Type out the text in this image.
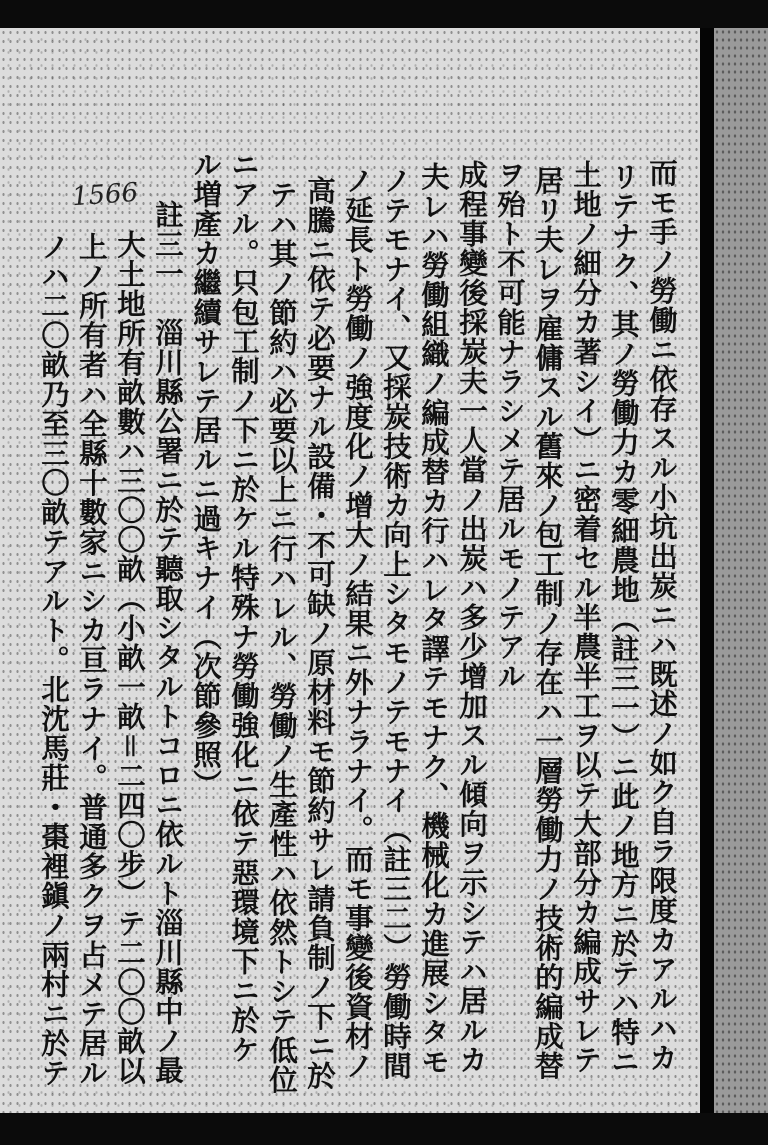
1566	而モ手ノ勞働ニ依存スル小坑出炭ニハ既述ノ如ク自ラ限度カアルハカ
リテナク、其ノ勞働力カ零細農地（註三一）ニ此ノ地方ニ於テハ特ニ
土地ノ細分カ著シイ）ニ密着セル半農半工ヲ以テ大部分カ編成サレテ
居リ夫レヲ雇傭スル舊來ノ包工制ノ存在ハ一層勞働力ノ技術的編成替
ヲ殆ト不可能ナラシメテ居ルモノテアル
成程事變後採炭夫一人當ノ出炭ハ多少增加スル傾向ヲ示シテハ居ルカ
夫レハ勞働組織ノ編成替カ行ハレタ譯テモナク、機械化カ進展シタモ
ノテモナイ、又採炭技術カ向上シタモノテモナイ（註三二）勞働時間
ノ延長ト勞働ノ強度化ノ增大ノ結果ニ外ナラナイ。而モ事變後資材ノ
高騰ニ依テ必要ナル設備・不可缺ノ原材料モ節約サレ請負制ノ下ニ於
テハ其ノ節約ハ必要以上ニ行ハレル、勞働ノ生產性ハ依然トシテ低位
ニアル。只包工制ノ下ニ於ケル特殊ナ勞働強化ニ依テ惡環境下ニ於ケ
ル増產カ繼續サレテ居ルニ過キナイ（次節參照）
註三一　淄川縣公署ニ於テ聽取シタルトコロニ依ルト淄川縣中ノ最
大土地所有畝數ハ三〇〇畝（小畝一畝＝二四〇步）テ二〇〇畝以
上ノ所有者ハ全縣十數家ニシカ亘ラナイ。普通多クヲ占メテ居ル
ノハ二〇畝乃至三〇畝テアルト。北沈馬莊・棗裡鎭ノ兩村ニ於テ
